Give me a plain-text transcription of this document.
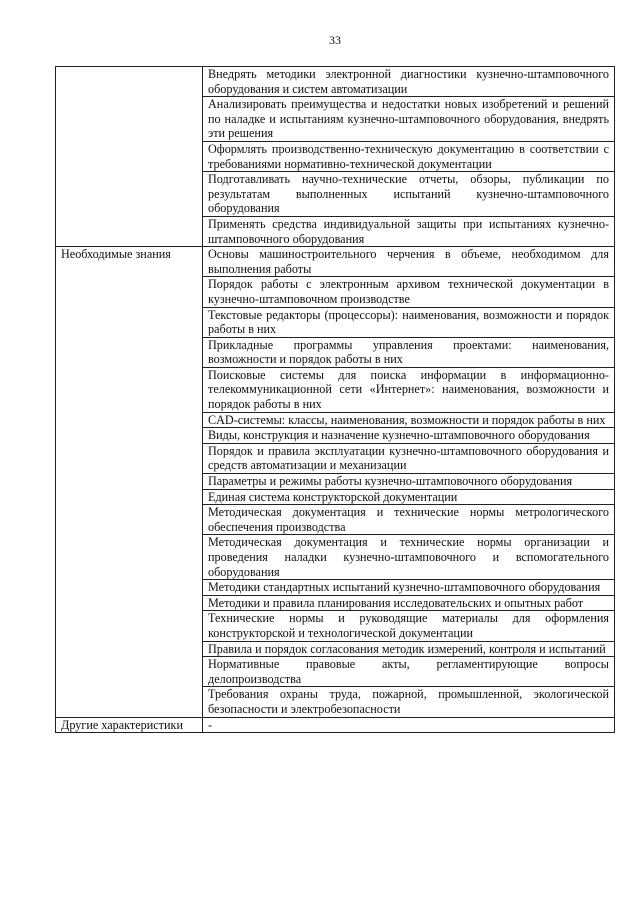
33
	Внедрять методики электронной диагностики кузнечно-штамповочного оборудования и систем автоматизации
	Анализировать преимущества и недостатки новых изобретений и решений по наладке и испытаниям кузнечно-штамповочного оборудования, внедрять эти решения
	Оформлять производственно-техническую документацию в соответствии с требованиями нормативно-технической документации
	Подготавливать научно-технические отчеты, обзоры, публикации по результатам выполненных испытаний кузнечно-штамповочного оборудования
	Применять средства индивидуальной защиты при испытаниях кузнечно-штамповочного оборудования
Необходимые знания	Основы машиностроительного черчения в объеме, необходимом для выполнения работы
	Порядок работы с электронным архивом технической документации в кузнечно-штамповочном производстве
	Текстовые редакторы (процессоры): наименования, возможности и порядок работы в них
	Прикладные программы управления проектами: наименования, возможности и порядок работы в них
	Поисковые системы для поиска информации в информационно-телекоммуникационной сети «Интернет»: наименования, возможности и порядок работы в них
	CAD-системы: классы, наименования, возможности и порядок работы в них
	Виды, конструкция и назначение кузнечно-штамповочного оборудования
	Порядок и правила эксплуатации кузнечно-штамповочного оборудования и средств автоматизации и механизации
	Параметры и режимы работы кузнечно-штамповочного оборудования
	Единая система конструкторской документации
	Методическая документация и технические нормы метрологического обеспечения производства
	Методическая документация и технические нормы организации и проведения наладки кузнечно-штамповочного и вспомогательного оборудования
	Методики стандартных испытаний кузнечно-штамповочного оборудования
	Методики и правила планирования исследовательских и опытных работ
	Технические нормы и руководящие материалы для оформления конструкторской и технологической документации
	Правила и порядок согласования методик измерений, контроля и испытаний
	Нормативные правовые акты, регламентирующие вопросы делопроизводства
	Требования охраны труда, пожарной, промышленной, экологической безопасности и электробезопасности
Другие характеристики	-
